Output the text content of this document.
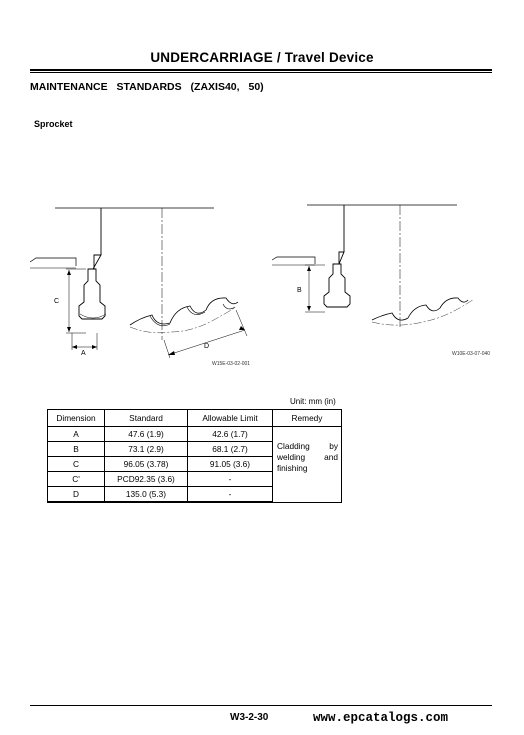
UNDERCARRIAGE / Travel Device
MAINTENANCE STANDARDS (ZAXIS40, 50)
Sprocket
W15E-03-02-001
W10E-03-07-040
C
A
D
B
Unit: mm (in)
Dimension	Standard	Allowable Limit	Remedy
A	47.6 (1.9)	42.6 (1.7)	Cladding by welding and finishing
B	73.1 (2.9)	68.1 (2.7)	
C	96.05 (3.78)	91.05 (3.6)	
C'	PCD92.35 (3.6)	-	
D	135.0 (5.3)	-	
W3-2-30	www.epcatalogs.com
